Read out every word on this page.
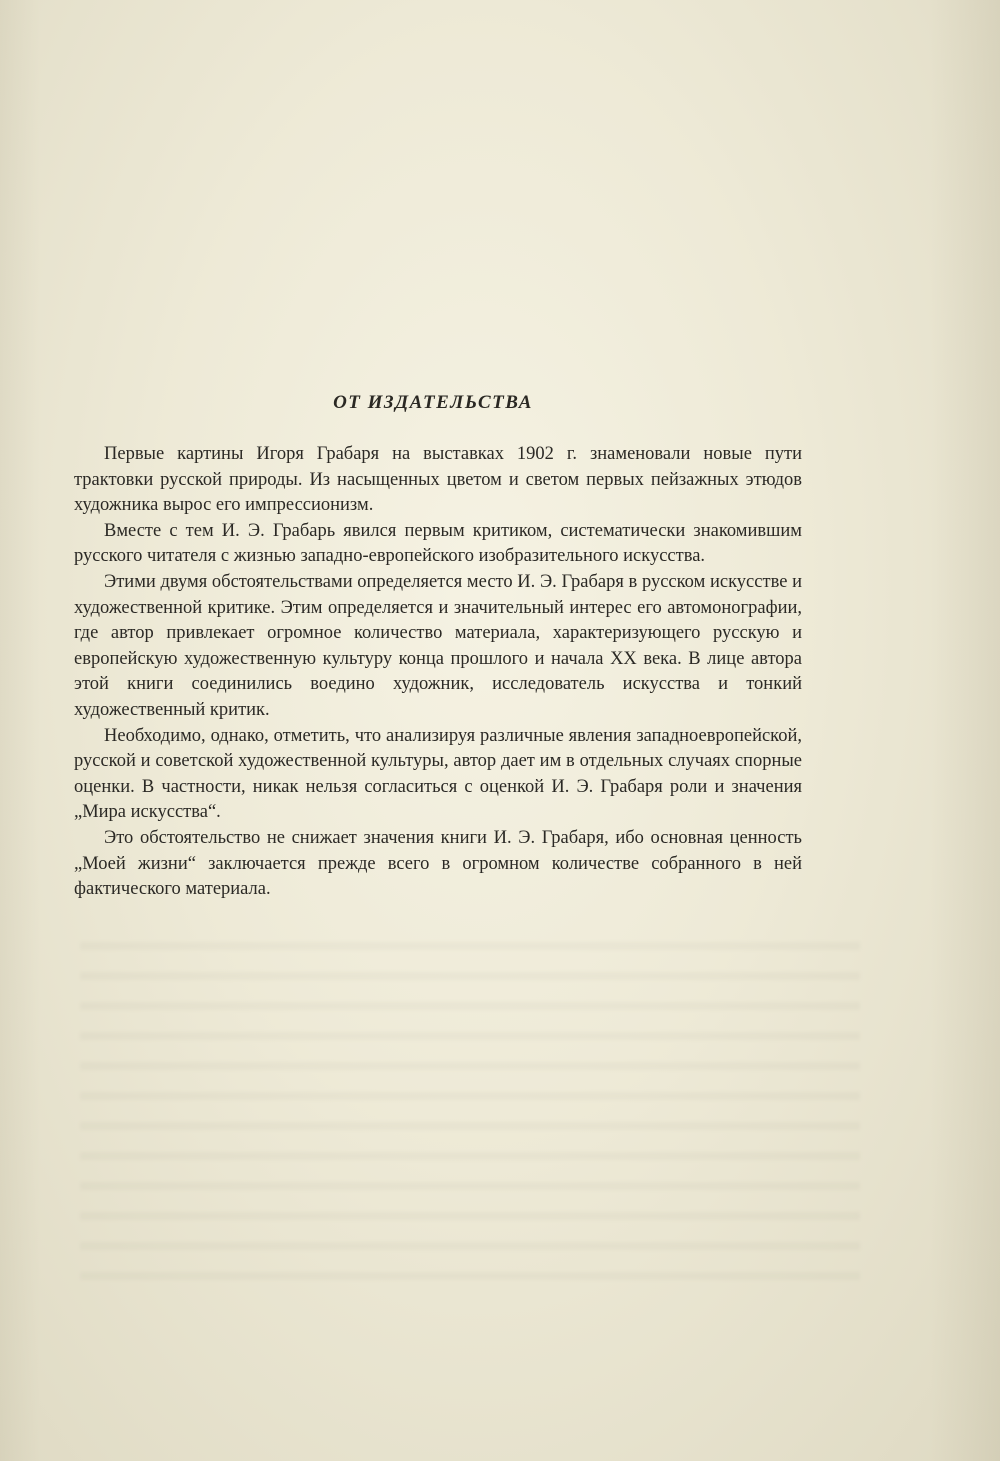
ОТ ИЗДАТЕЛЬСТВА

Первые картины Игоря Грабаря на выставках 1902 г. знаменовали новые пути трактовки русской природы. Из насыщенных цветом и светом первых пейзажных этюдов художника вырос его импрессионизм.

Вместе с тем И. Э. Грабарь явился первым критиком, систематически знакомившим русского читателя с жизнью западно-европейского изобразительного искусства.

Этими двумя обстоятельствами определяется место И. Э. Грабаря в русском искусстве и художественной критике. Этим определяется и значительный интерес его автомонографии, где автор привлекает огромное количество материала, характеризующего русскую и европейскую художественную культуру конца прошлого и начала XX века. В лице автора этой книги соединились воедино художник, исследователь искусства и тонкий художественный критик.

Необходимо, однако, отметить, что анализируя различные явления западноевропейской, русской и советской художественной культуры, автор дает им в отдельных случаях спорные оценки. В частности, никак нельзя согласиться с оценкой И. Э. Грабаря роли и значения „Мира искусства“.

Это обстоятельство не снижает значения книги И. Э. Грабаря, ибо основная ценность „Моей жизни“ заключается прежде всего в огромном количестве собранного в ней фактического материала.
